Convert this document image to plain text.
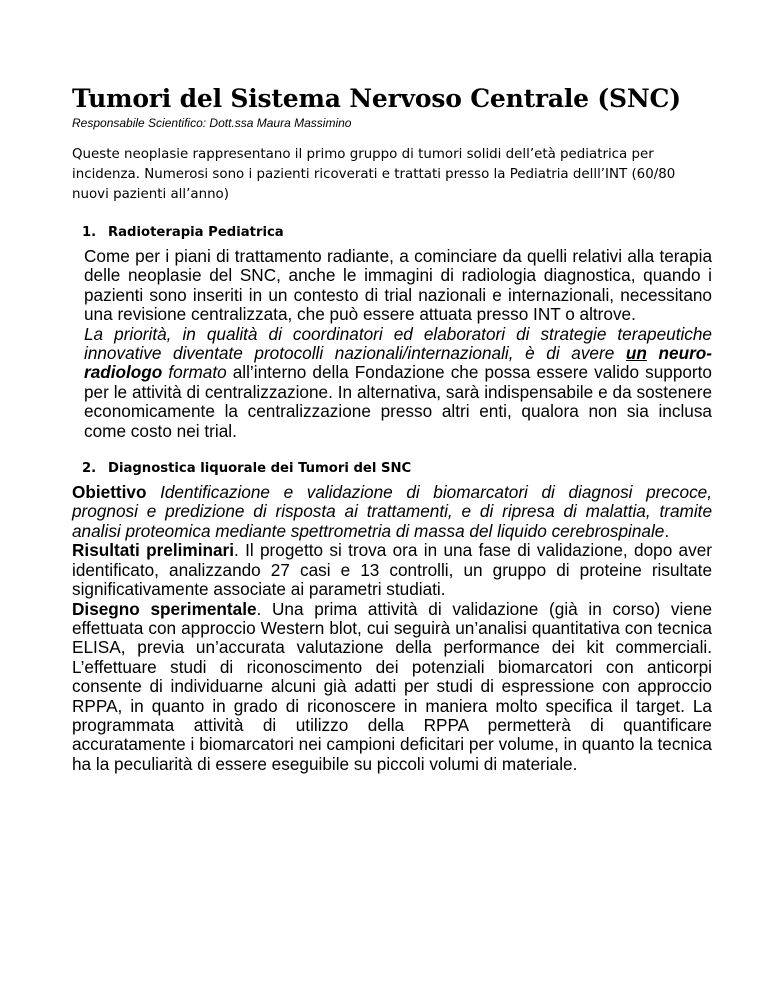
Tumori del Sistema Nervoso Centrale (SNC)
Responsabile Scientifico: Dott.ssa Maura Massimino

Queste neoplasie rappresentano il primo gruppo di tumori solidi dell’età pediatrica per incidenza. Numerosi sono i pazienti ricoverati e trattati presso la Pediatria delll’INT (60/80 nuovi pazienti all’anno)

1. Radioterapia Pediatrica

Come per i piani di trattamento radiante, a cominciare da quelli relativi alla terapia delle neoplasie del SNC, anche le immagini di radiologia diagnostica, quando i pazienti sono inseriti in un contesto di trial nazionali e internazionali, necessitano una revisione centralizzata, che può essere attuata presso INT o altrove.

La priorità, in qualità di coordinatori ed elaboratori di strategie terapeutiche innovative diventate protocolli nazionali/internazionali, è di avere un neuro-radiologo formato all’interno della Fondazione che possa essere valido supporto per le attività di centralizzazione. In alternativa, sarà indispensabile e da sostenere economicamente la centralizzazione presso altri enti, qualora non sia inclusa come costo nei trial.

2. Diagnostica liquorale dei Tumori del SNC

Obiettivo Identificazione e validazione di biomarcatori di diagnosi precoce, prognosi e predizione di risposta ai trattamenti, e di ripresa di malattia, tramite analisi proteomica mediante spettrometria di massa del liquido cerebrospinale.

Risultati preliminari. Il progetto si trova ora in una fase di validazione, dopo aver identificato, analizzando 27 casi e 13 controlli, un gruppo di proteine risultate significativamente associate ai parametri studiati.

Disegno sperimentale. Una prima attività di validazione (già in corso) viene effettuata con approccio Western blot, cui seguirà un’analisi quantitativa con tecnica ELISA, previa un’accurata valutazione della performance dei kit commerciali. L’effettuare studi di riconoscimento dei potenziali biomarcatori con anticorpi consente di individuarne alcuni già adatti per studi di espressione con approccio RPPA, in quanto in grado di riconoscere in maniera molto specifica il target. La programmata attività di utilizzo della RPPA permetterà di quantificare accuratamente i biomarcatori nei campioni deficitari per volume, in quanto la tecnica ha la peculiarità di essere eseguibile su piccoli volumi di materiale.
